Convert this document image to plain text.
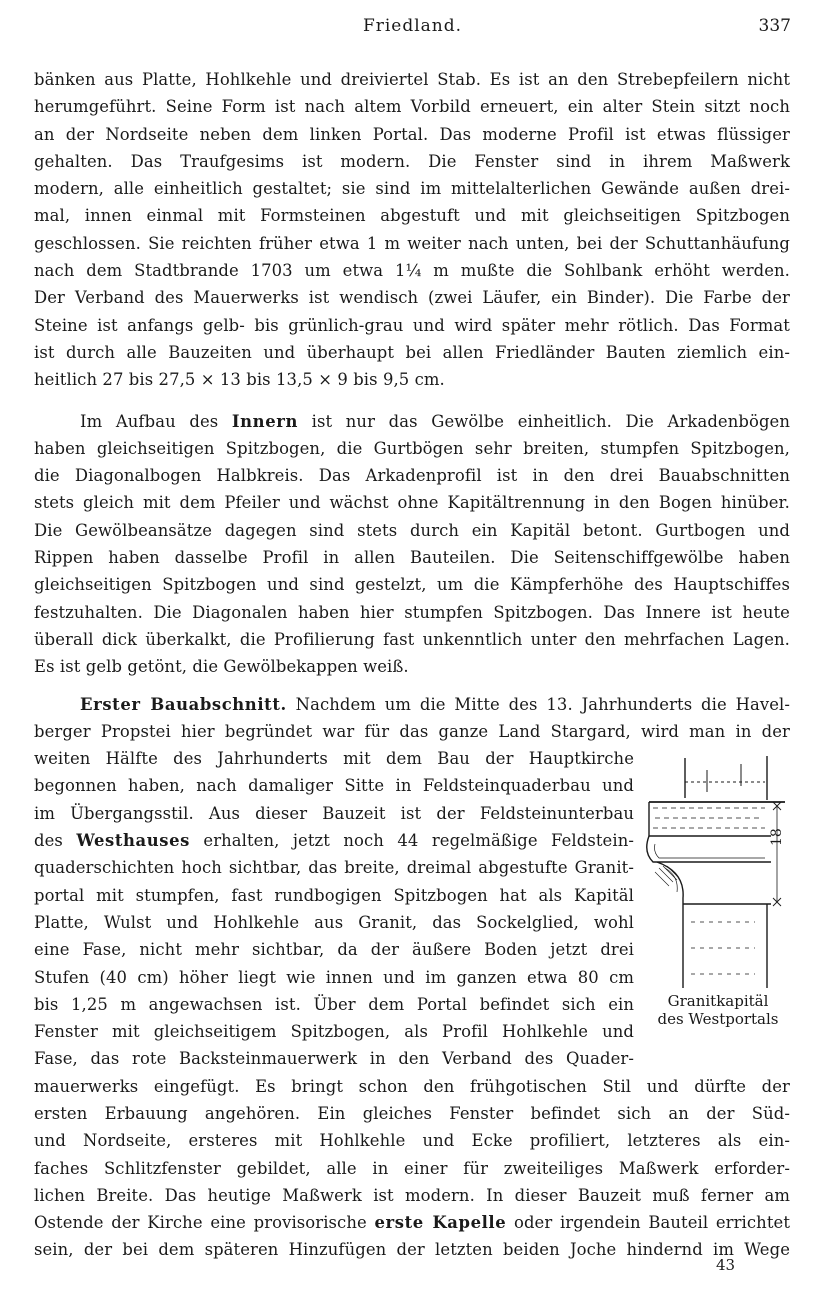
Friedland.	337
bänken aus Platte, Hohlkehle und dreiviertel Stab. Es ist an den Strebepfeilern nicht
herumgeführt. Seine Form ist nach altem Vorbild erneuert, ein alter Stein sitzt noch
an der Nordseite neben dem linken Portal. Das moderne Profil ist etwas flüssiger
gehalten. Das Traufgesims ist modern. Die Fenster sind in ihrem Maßwerk
modern, alle einheitlich gestaltet; sie sind im mittelalterlichen Gewände außen drei-
mal, innen einmal mit Formsteinen abgestuft und mit gleichseitigen Spitzbogen
geschlossen. Sie reichten früher etwa 1 m weiter nach unten, bei der Schuttanhäufung
nach dem Stadtbrande 1703 um etwa 1¼ m mußte die Sohlbank erhöht werden.
Der Verband des Mauerwerks ist wendisch (zwei Läufer, ein Binder). Die Farbe der
Steine ist anfangs gelb- bis grünlich-grau und wird später mehr rötlich. Das Format
ist durch alle Bauzeiten und überhaupt bei allen Friedländer Bauten ziemlich ein-
heitlich 27 bis 27,5 × 13 bis 13,5 × 9 bis 9,5 cm.
Im Aufbau des Innern ist nur das Gewölbe einheitlich. Die Arkadenbögen
haben gleichseitigen Spitzbogen, die Gurtbögen sehr breiten, stumpfen Spitzbogen,
die Diagonalbogen Halbkreis. Das Arkadenprofil ist in den drei Bauabschnitten
stets gleich mit dem Pfeiler und wächst ohne Kapitältrennung in den Bogen hinüber.
Die Gewölbeansätze dagegen sind stets durch ein Kapitäl betont. Gurtbogen und
Rippen haben dasselbe Profil in allen Bauteilen. Die Seitenschiffgewölbe haben
gleichseitigen Spitzbogen und sind gestelzt, um die Kämpferhöhe des Hauptschiffes
festzuhalten. Die Diagonalen haben hier stumpfen Spitzbogen. Das Innere ist heute
überall dick überkalkt, die Profilierung fast unkenntlich unter den mehrfachen Lagen.
Es ist gelb getönt, die Gewölbekappen weiß.
Erster Bauabschnitt. Nachdem um die Mitte des 13. Jahrhunderts die Havel-
berger Propstei hier begründet war für das ganze Land Stargard, wird man in der
weiten Hälfte des Jahrhunderts mit dem Bau der Hauptkirche
begonnen haben, nach damaliger Sitte in Feldsteinquaderbau und
im Übergangsstil. Aus dieser Bauzeit ist der Feldsteinunterbau
des Westhauses erhalten, jetzt noch 44 regelmäßige Feldstein-
quaderschichten hoch sichtbar, das breite, dreimal abgestufte Granit-
portal mit stumpfen, fast rundbogigen Spitzbogen hat als Kapitäl
Platte, Wulst und Hohlkehle aus Granit, das Sockelglied, wohl
eine Fase, nicht mehr sichtbar, da der äußere Boden jetzt drei
Stufen (40 cm) höher liegt wie innen und im ganzen etwa 80 cm
bis 1,25 m angewachsen ist. Über dem Portal befindet sich ein
Fenster mit gleichseitigem Spitzbogen, als Profil Hohlkehle und
Fase, das rote Backsteinmauerwerk in den Verband des Quader-
mauerwerks eingefügt. Es bringt schon den frühgotischen Stil und dürfte der
ersten Erbauung angehören. Ein gleiches Fenster befindet sich an der Süd-
und Nordseite, ersteres mit Hohlkehle und Ecke profiliert, letzteres als ein-
faches Schlitzfenster gebildet, alle in einer für zweiteiliges Maßwerk erforder-
lichen Breite. Das heutige Maßwerk ist modern. In dieser Bauzeit muß ferner am
Ostende der Kirche eine provisorische erste Kapelle oder irgendein Bauteil errichtet
sein, der bei dem späteren Hinzufügen der letzten beiden Joche hindernd im Wege
18
Granitkapitäl
des Westportals
43
